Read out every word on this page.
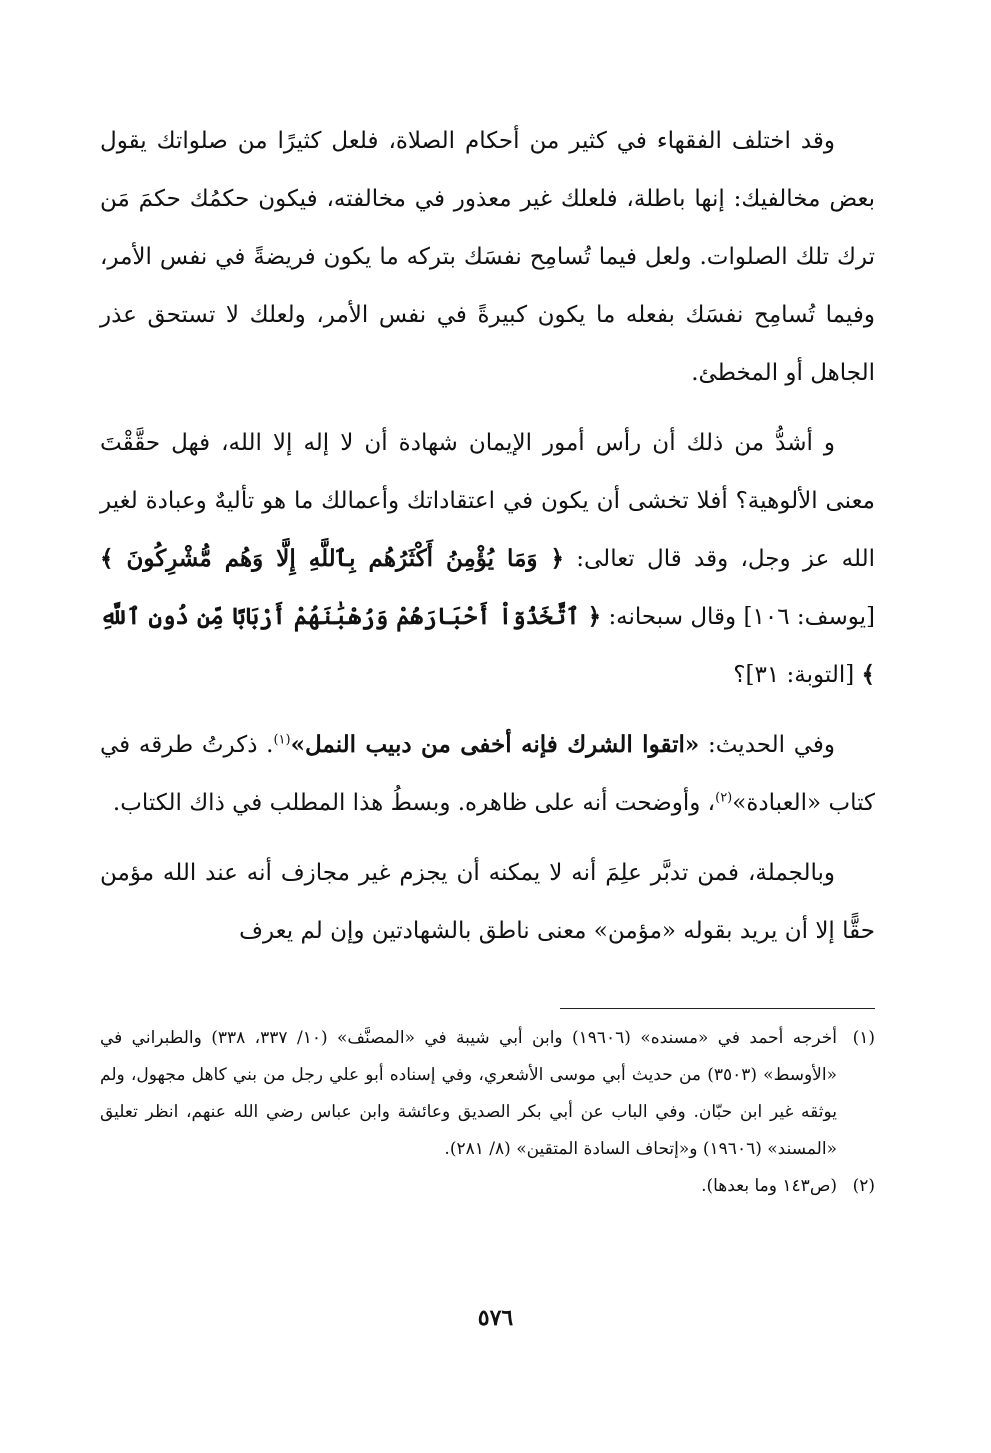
وقد اختلف الفقهاء في كثير من أحكام الصلاة، فلعل كثيرًا من صلواتك يقول بعض مخالفيك: إنها باطلة، فلعلك غير معذور في مخالفته، فيكون حكمُك حكمَ مَن ترك تلك الصلوات. ولعل فيما تُسامِح نفسَك بتركه ما يكون فريضةً في نفس الأمر، وفيما تُسامِح نفسَك بفعله ما يكون كبيرةً في نفس الأمر، ولعلك لا تستحق عذر الجاهل أو المخطئ.

و أشدُّ من ذلك أن رأس أمور الإيمان شهادة أن لا إله إلا الله، فهل حقَّقْتَ معنى الألوهية؟ أفلا تخشى أن يكون في اعتقاداتك وأعمالك ما هو تأليهٌ وعبادة لغير الله عز وجل، وقد قال تعالى: ﴿ وَمَا يُؤْمِنُ أَكْثَرُهُم بِٱللَّهِ إِلَّا وَهُم مُّشْرِكُونَ ﴾ [يوسف: ١٠٦] وقال سبحانه: ﴿ ٱتَّخَذُوٓاْ أَحْبَارَهُمْ وَرُهْبَٰنَهُمْ أَرْبَابًا مِّن دُونِ ٱللَّهِ ﴾ [التوبة: ٣١]؟

وفي الحديث: «اتقوا الشرك فإنه أخفى من دبيب النمل»$^{(١)}$. ذكرتُ طرقه في كتاب «العبادة»$^{(٢)}$، وأوضحت أنه على ظاهره. وبسطُ هذا المطلب في ذاك الكتاب.

وبالجملة، فمن تدبَّر علِمَ أنه لا يمكنه أن يجزم غير مجازف أنه عند الله مؤمن حقًّا إلا أن يريد بقوله «مؤمن» معنى ناطق بالشهادتين وإن لم يعرف

(١)
أخرجه أحمد في «مسنده» (١٩٦٠٦) وابن أبي شيبة في «المصنَّف» (١٠/ ٣٣٧، ٣٣٨) والطبراني في «الأوسط» (٣٥٠٣) من حديث أبي موسى الأشعري، وفي إسناده أبو علي رجل من بني كاهل مجهول، ولم يوثقه غير ابن حبّان. وفي الباب عن أبي بكر الصديق وعائشة وابن عباس رضي الله عنهم، انظر تعليق «المسند» (١٩٦٠٦) و«إتحاف السادة المتقين» (٨/ ٢٨١).

(٢)
(ص١٤٣ وما بعدها).

٥٧٦
